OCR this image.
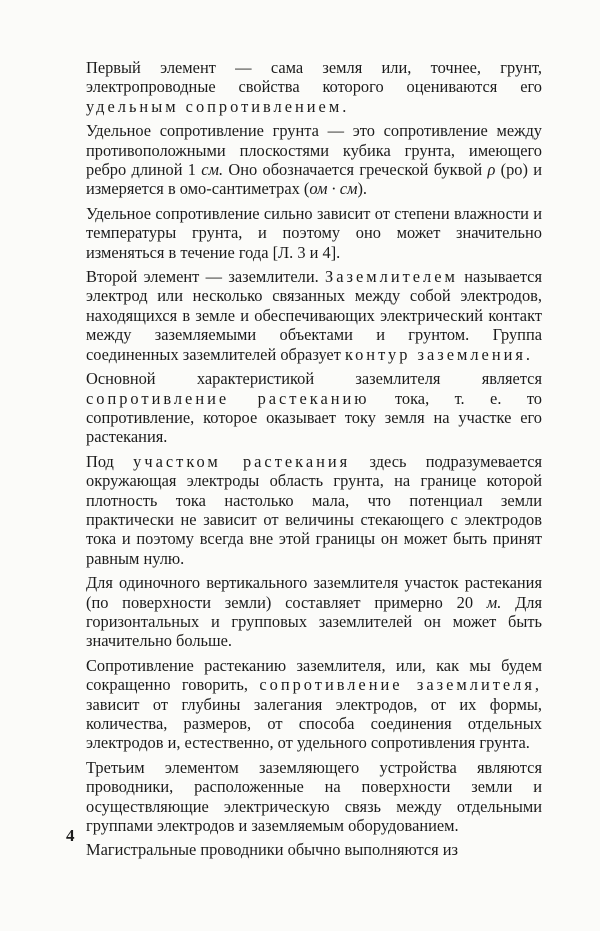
Первый элемент — сама земля или, точнее, грунт, электропроводные свойства которого оцениваются его удельным сопротивлением.

Удельное сопротивление грунта — это сопротивление между противоположными плоскостями кубика грунта, имеющего ребро длиной 1 см. Оно обозначается греческой буквой ρ (ро) и измеряется в омо-сантиметрах (ом · см).

Удельное сопротивление сильно зависит от степени влажности и температуры грунта, и поэтому оно может значительно изменяться в течение года [Л. 3 и 4].

Второй элемент — заземлители. Заземлителем называется электрод или несколько связанных между собой электродов, находящихся в земле и обеспечивающих электрический контакт между заземляемыми объектами и грунтом. Группа соединенных заземлителей образует контур заземления.

Основной характеристикой заземлителя является сопротивление растеканию тока, т. е. то сопротивление, которое оказывает току земля на участке его растекания.

Под участком растекания здесь подразумевается окружающая электроды область грунта, на границе которой плотность тока настолько мала, что потенциал земли практически не зависит от величины стекающего с электродов тока и поэтому всегда вне этой границы он может быть принят равным нулю.

Для одиночного вертикального заземлителя участок растекания (по поверхности земли) составляет примерно 20 м. Для горизонтальных и групповых заземлителей он может быть значительно больше.

Сопротивление растеканию заземлителя, или, как мы будем сокращенно говорить, сопротивление заземлителя, зависит от глубины залегания электродов, от их формы, количества, размеров, от способа соединения отдельных электродов и, естественно, от удельного сопротивления грунта.

Третьим элементом заземляющего устройства являются проводники, расположенные на поверхности земли и осуществляющие электрическую связь между отдельными группами электродов и заземляемым оборудованием.

Магистральные проводники обычно выполняются из

4
